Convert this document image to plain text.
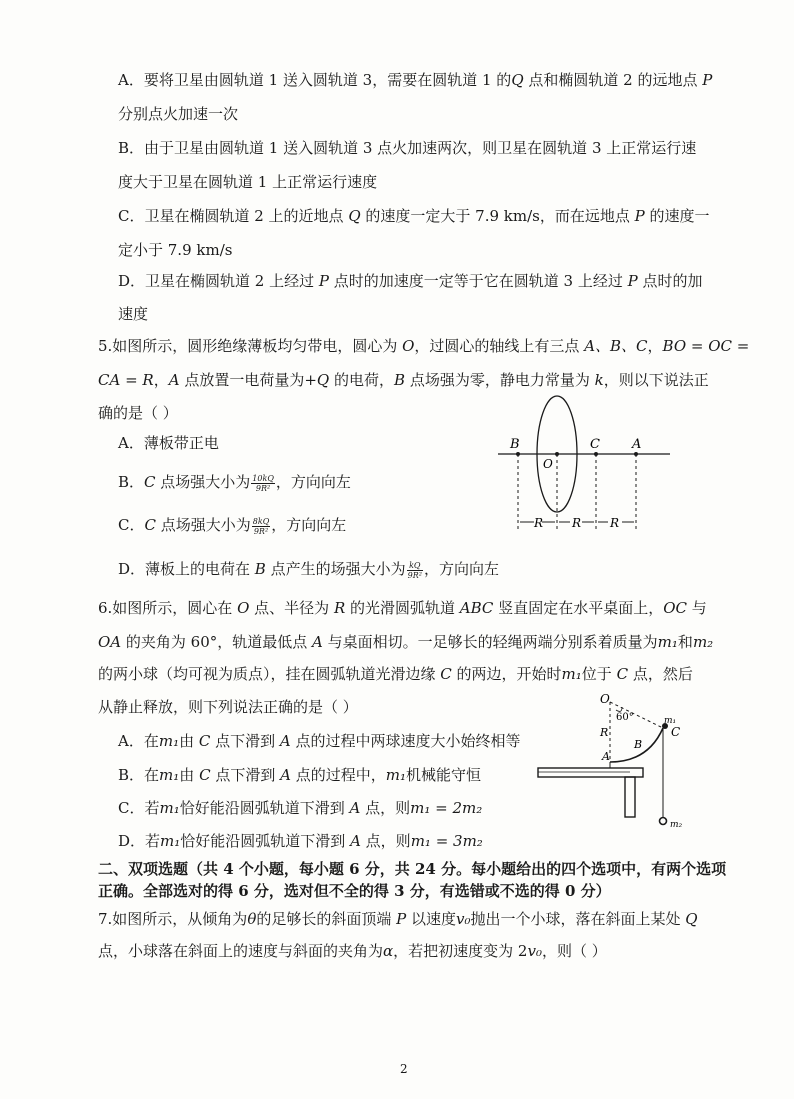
A．要将卫星由圆轨道 1 送入圆轨道 3，需要在圆轨道 1 的Q 点和椭圆轨道 2 的远地点 P
分别点火加速一次
B．由于卫星由圆轨道 1 送入圆轨道 3 点火加速两次，则卫星在圆轨道 3 上正常运行速
度大于卫星在圆轨道 1 上正常运行速度
C．卫星在椭圆轨道 2 上的近地点 Q 的速度一定大于 7.9 km/s，而在远地点 P 的速度一
定小于 7.9 km/s
D．卫星在椭圆轨道 2 上经过 P 点时的加速度一定等于它在圆轨道 3 上经过 P 点时的加
速度
5.如图所示，圆形绝缘薄板均匀带电，圆心为 O，过圆心的轴线上有三点 A、B、C，BO = OC =
CA = R，A 点放置一电荷量为+Q 的电荷，B 点场强为零，静电力常量为 k，则以下说法正
确的是（ ）
A．薄板带正电
B．C 点场强大小为 $\frac{10kQ}{\text{9R²}}$ ，方向向左
C．C 点场强大小为 $\frac{8kQ}{\text{9R²}}$ ，方向向左
D．薄板上的电荷在 B 点产生的场强大小为 $\frac{kQ}{\text{9R²}}$ ，方向向左
B	C A
O
R R R
6.如图所示，圆心在 O 点、半径为 R 的光滑圆弧轨道 ABC 竖直固定在水平桌面上，OC 与
OA 的夹角为 60°，轨道最低点 A 与桌面相切。一足够长的轻绳两端分别系着质量为m₁和m₂
的两小球（均可视为质点），挂在圆弧轨道光滑边缘 C 的两边，开始时m₁位于 C 点，然后
从静止释放，则下列说法正确的是（ ）
A．在m₁由 C 点下滑到 A 点的过程中两球速度大小始终相等
B．在m₁由 C 点下滑到 A 点的过程中，m₁机械能守恒
C．若m₁恰好能沿圆弧轨道下滑到 A 点，则m₁ = 2m₂
D．若m₁恰好能沿圆弧轨道下滑到 A 点，则m₁ = 3m₂
O
60°	m₁
C
R
B
A
m₂
二、双项选题（共 4 个小题，每小题 6 分，共 24 分。每小题给出的四个选项中，有两个选项
正确。全部选对的得 6 分，选对但不全的得 3 分，有选错或不选的得 0 分）
7.如图所示，从倾角为θ的足够长的斜面顶端 P 以速度v₀抛出一个小球，落在斜面上某处 Q
点，小球落在斜面上的速度与斜面的夹角为α，若把初速度变为 2v₀，则（ ）
2
